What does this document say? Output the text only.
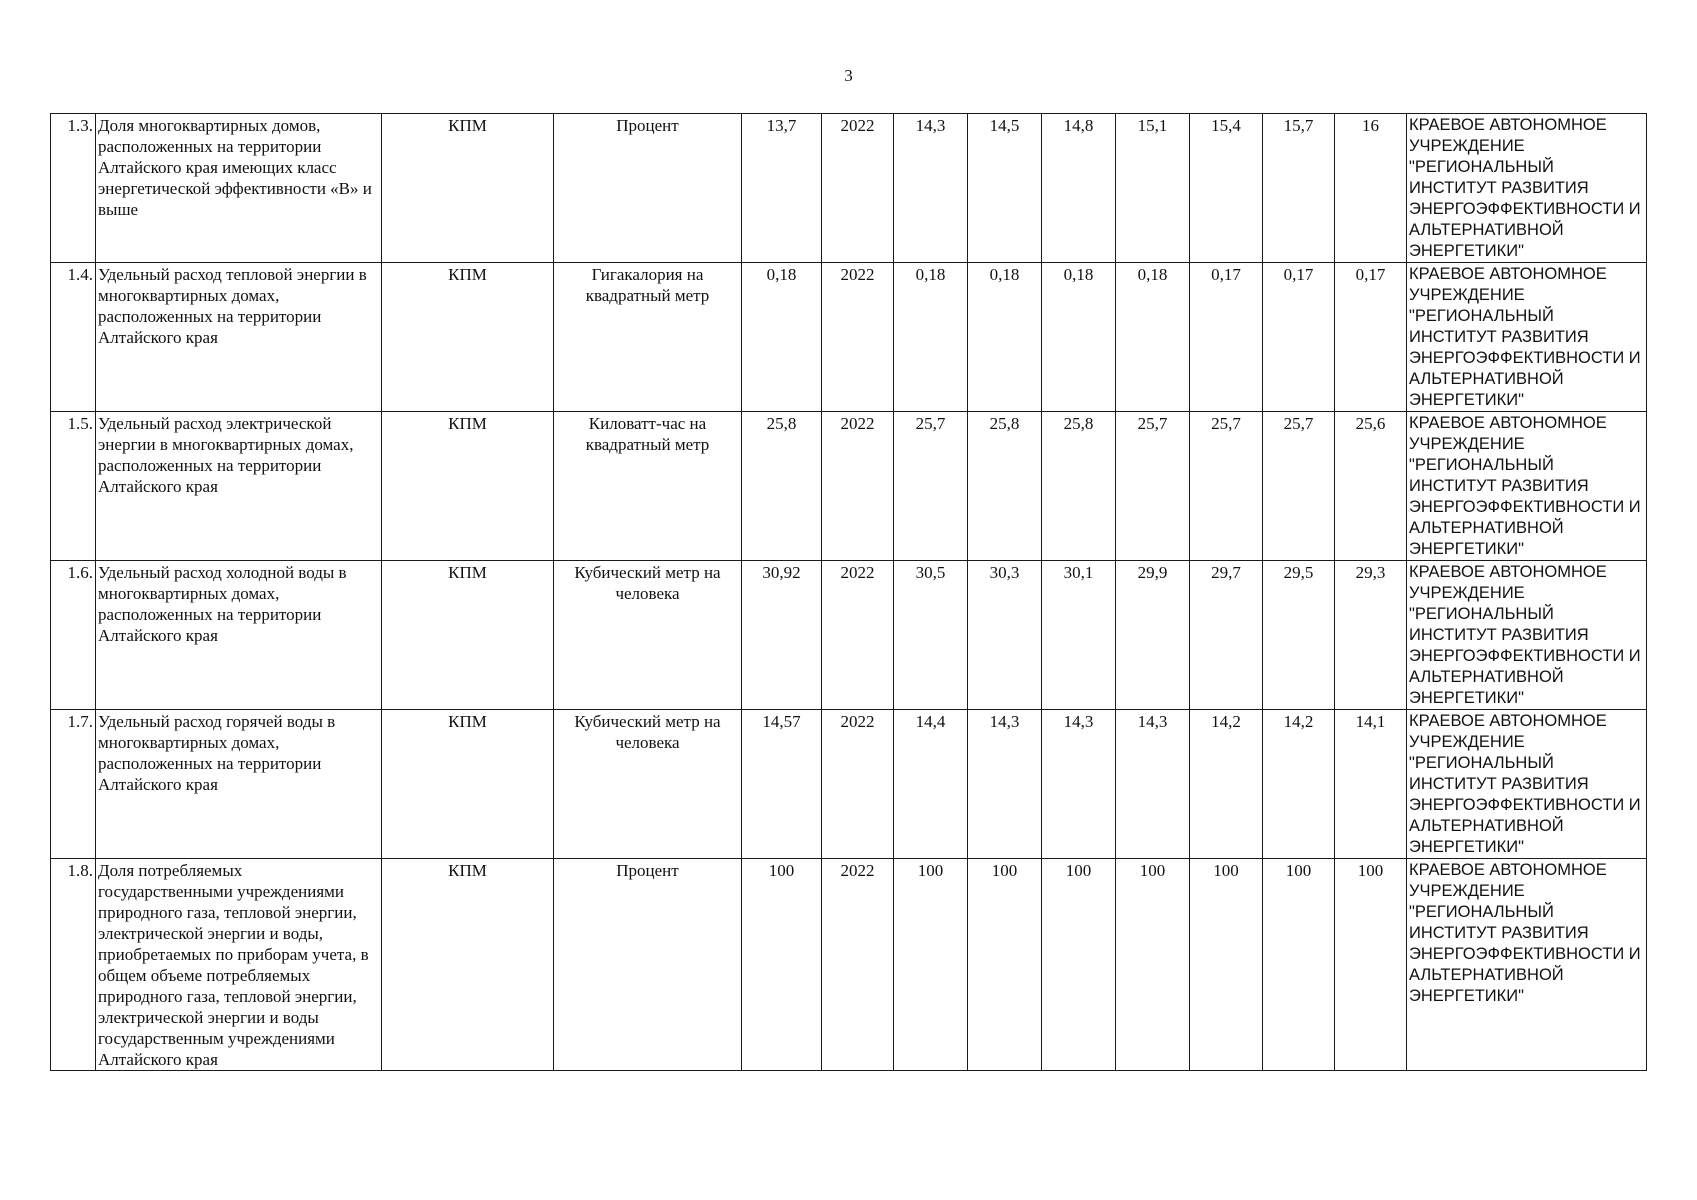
3
1.3.	Доля многоквартирных домов, расположенных на территории Алтайского края имеющих класс энергетической эффективности «В» и выше	КПМ	Процент	13,7	2022	14,3	14,5	14,8	15,1	15,4	15,7	16	КРАЕВОЕ АВТОНОМНОЕ УЧРЕЖДЕНИЕ "РЕГИОНАЛЬНЫЙ ИНСТИТУТ РАЗВИТИЯ ЭНЕРГОЭФФЕКТИВНОСТИ И АЛЬТЕРНАТИВНОЙ ЭНЕРГЕТИКИ"
1.4.	Удельный расход тепловой энергии в многоквартирных домах, расположенных на территории Алтайского края	КПМ	Гигакалория на квадратный метр	0,18	2022	0,18	0,18	0,18	0,18	0,17	0,17	0,17	КРАЕВОЕ АВТОНОМНОЕ УЧРЕЖДЕНИЕ "РЕГИОНАЛЬНЫЙ ИНСТИТУТ РАЗВИТИЯ ЭНЕРГОЭФФЕКТИВНОСТИ И АЛЬТЕРНАТИВНОЙ ЭНЕРГЕТИКИ"
1.5.	Удельный расход электрической энергии в многоквартирных домах, расположенных на территории Алтайского края	КПМ	Киловатт-час на квадратный метр	25,8	2022	25,7	25,8	25,8	25,7	25,7	25,7	25,6	КРАЕВОЕ АВТОНОМНОЕ УЧРЕЖДЕНИЕ "РЕГИОНАЛЬНЫЙ ИНСТИТУТ РАЗВИТИЯ ЭНЕРГОЭФФЕКТИВНОСТИ И АЛЬТЕРНАТИВНОЙ ЭНЕРГЕТИКИ"
1.6.	Удельный расход холодной воды в многоквартирных домах, расположенных на территории Алтайского края	КПМ	Кубический метр на человека	30,92	2022	30,5	30,3	30,1	29,9	29,7	29,5	29,3	КРАЕВОЕ АВТОНОМНОЕ УЧРЕЖДЕНИЕ "РЕГИОНАЛЬНЫЙ ИНСТИТУТ РАЗВИТИЯ ЭНЕРГОЭФФЕКТИВНОСТИ И АЛЬТЕРНАТИВНОЙ ЭНЕРГЕТИКИ"
1.7.	Удельный расход горячей воды в многоквартирных домах, расположенных на территории Алтайского края	КПМ	Кубический метр на человека	14,57	2022	14,4	14,3	14,3	14,3	14,2	14,2	14,1	КРАЕВОЕ АВТОНОМНОЕ УЧРЕЖДЕНИЕ "РЕГИОНАЛЬНЫЙ ИНСТИТУТ РАЗВИТИЯ ЭНЕРГОЭФФЕКТИВНОСТИ И АЛЬТЕРНАТИВНОЙ ЭНЕРГЕТИКИ"
1.8.	Доля потребляемых государственными учреждениями природного газа, тепловой энергии, электрической энергии и воды, приобретаемых по приборам учета, в общем объеме потребляемых природного газа, тепловой энергии, электрической энергии и воды государственным учреждениями Алтайского края	КПМ	Процент	100	2022	100	100	100	100	100	100	100	КРАЕВОЕ АВТОНОМНОЕ УЧРЕЖДЕНИЕ "РЕГИОНАЛЬНЫЙ ИНСТИТУТ РАЗВИТИЯ ЭНЕРГОЭФФЕКТИВНОСТИ И АЛЬТЕРНАТИВНОЙ ЭНЕРГЕТИКИ"
